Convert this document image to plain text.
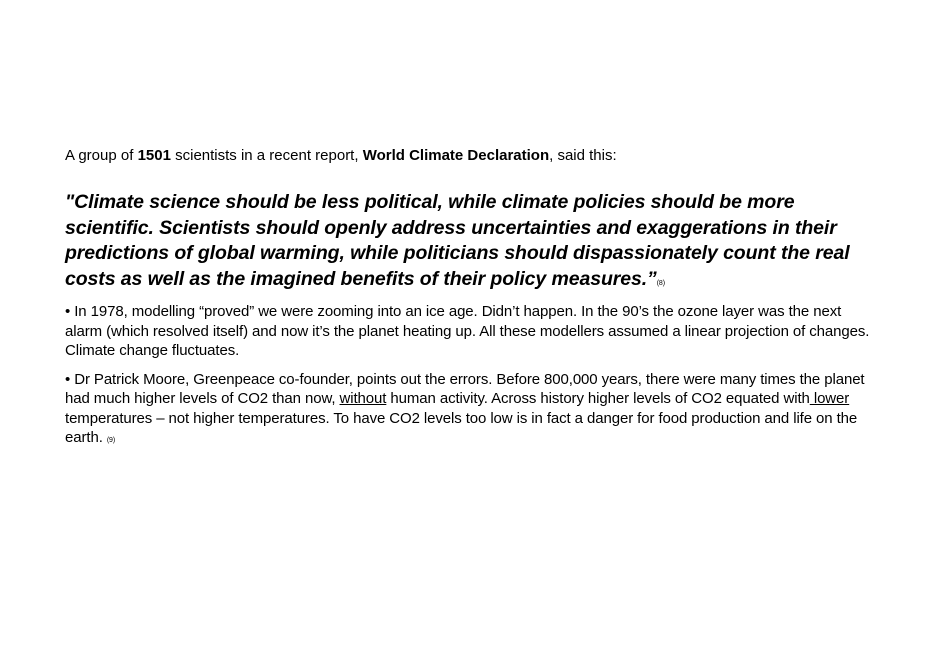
A group of 1501 scientists in a recent report, World Climate Declaration, said this:

"Climate science should be less political, while climate policies should be more scientific. Scientists should openly address uncertainties and exaggerations in their predictions of global warming, while politicians should dispassionately count the real costs as well as the imagined benefits of their policy measures.”(8)

• In 1978, modelling “proved” we were zooming into an ice age. Didn’t happen. In the 90’s the ozone layer was the next alarm (which resolved itself) and now it’s the planet heating up. All these modellers assumed a linear projection of changes. Climate change fluctuates.

• Dr Patrick Moore, Greenpeace co-founder, points out the errors. Before 800,000 years, there were many times the planet had much higher levels of CO2 than now, without human activity. Across history higher levels of CO2 equated with lower temperatures – not higher temperatures. To have CO2 levels too low is in fact a danger for food production and life on the earth. (9)
